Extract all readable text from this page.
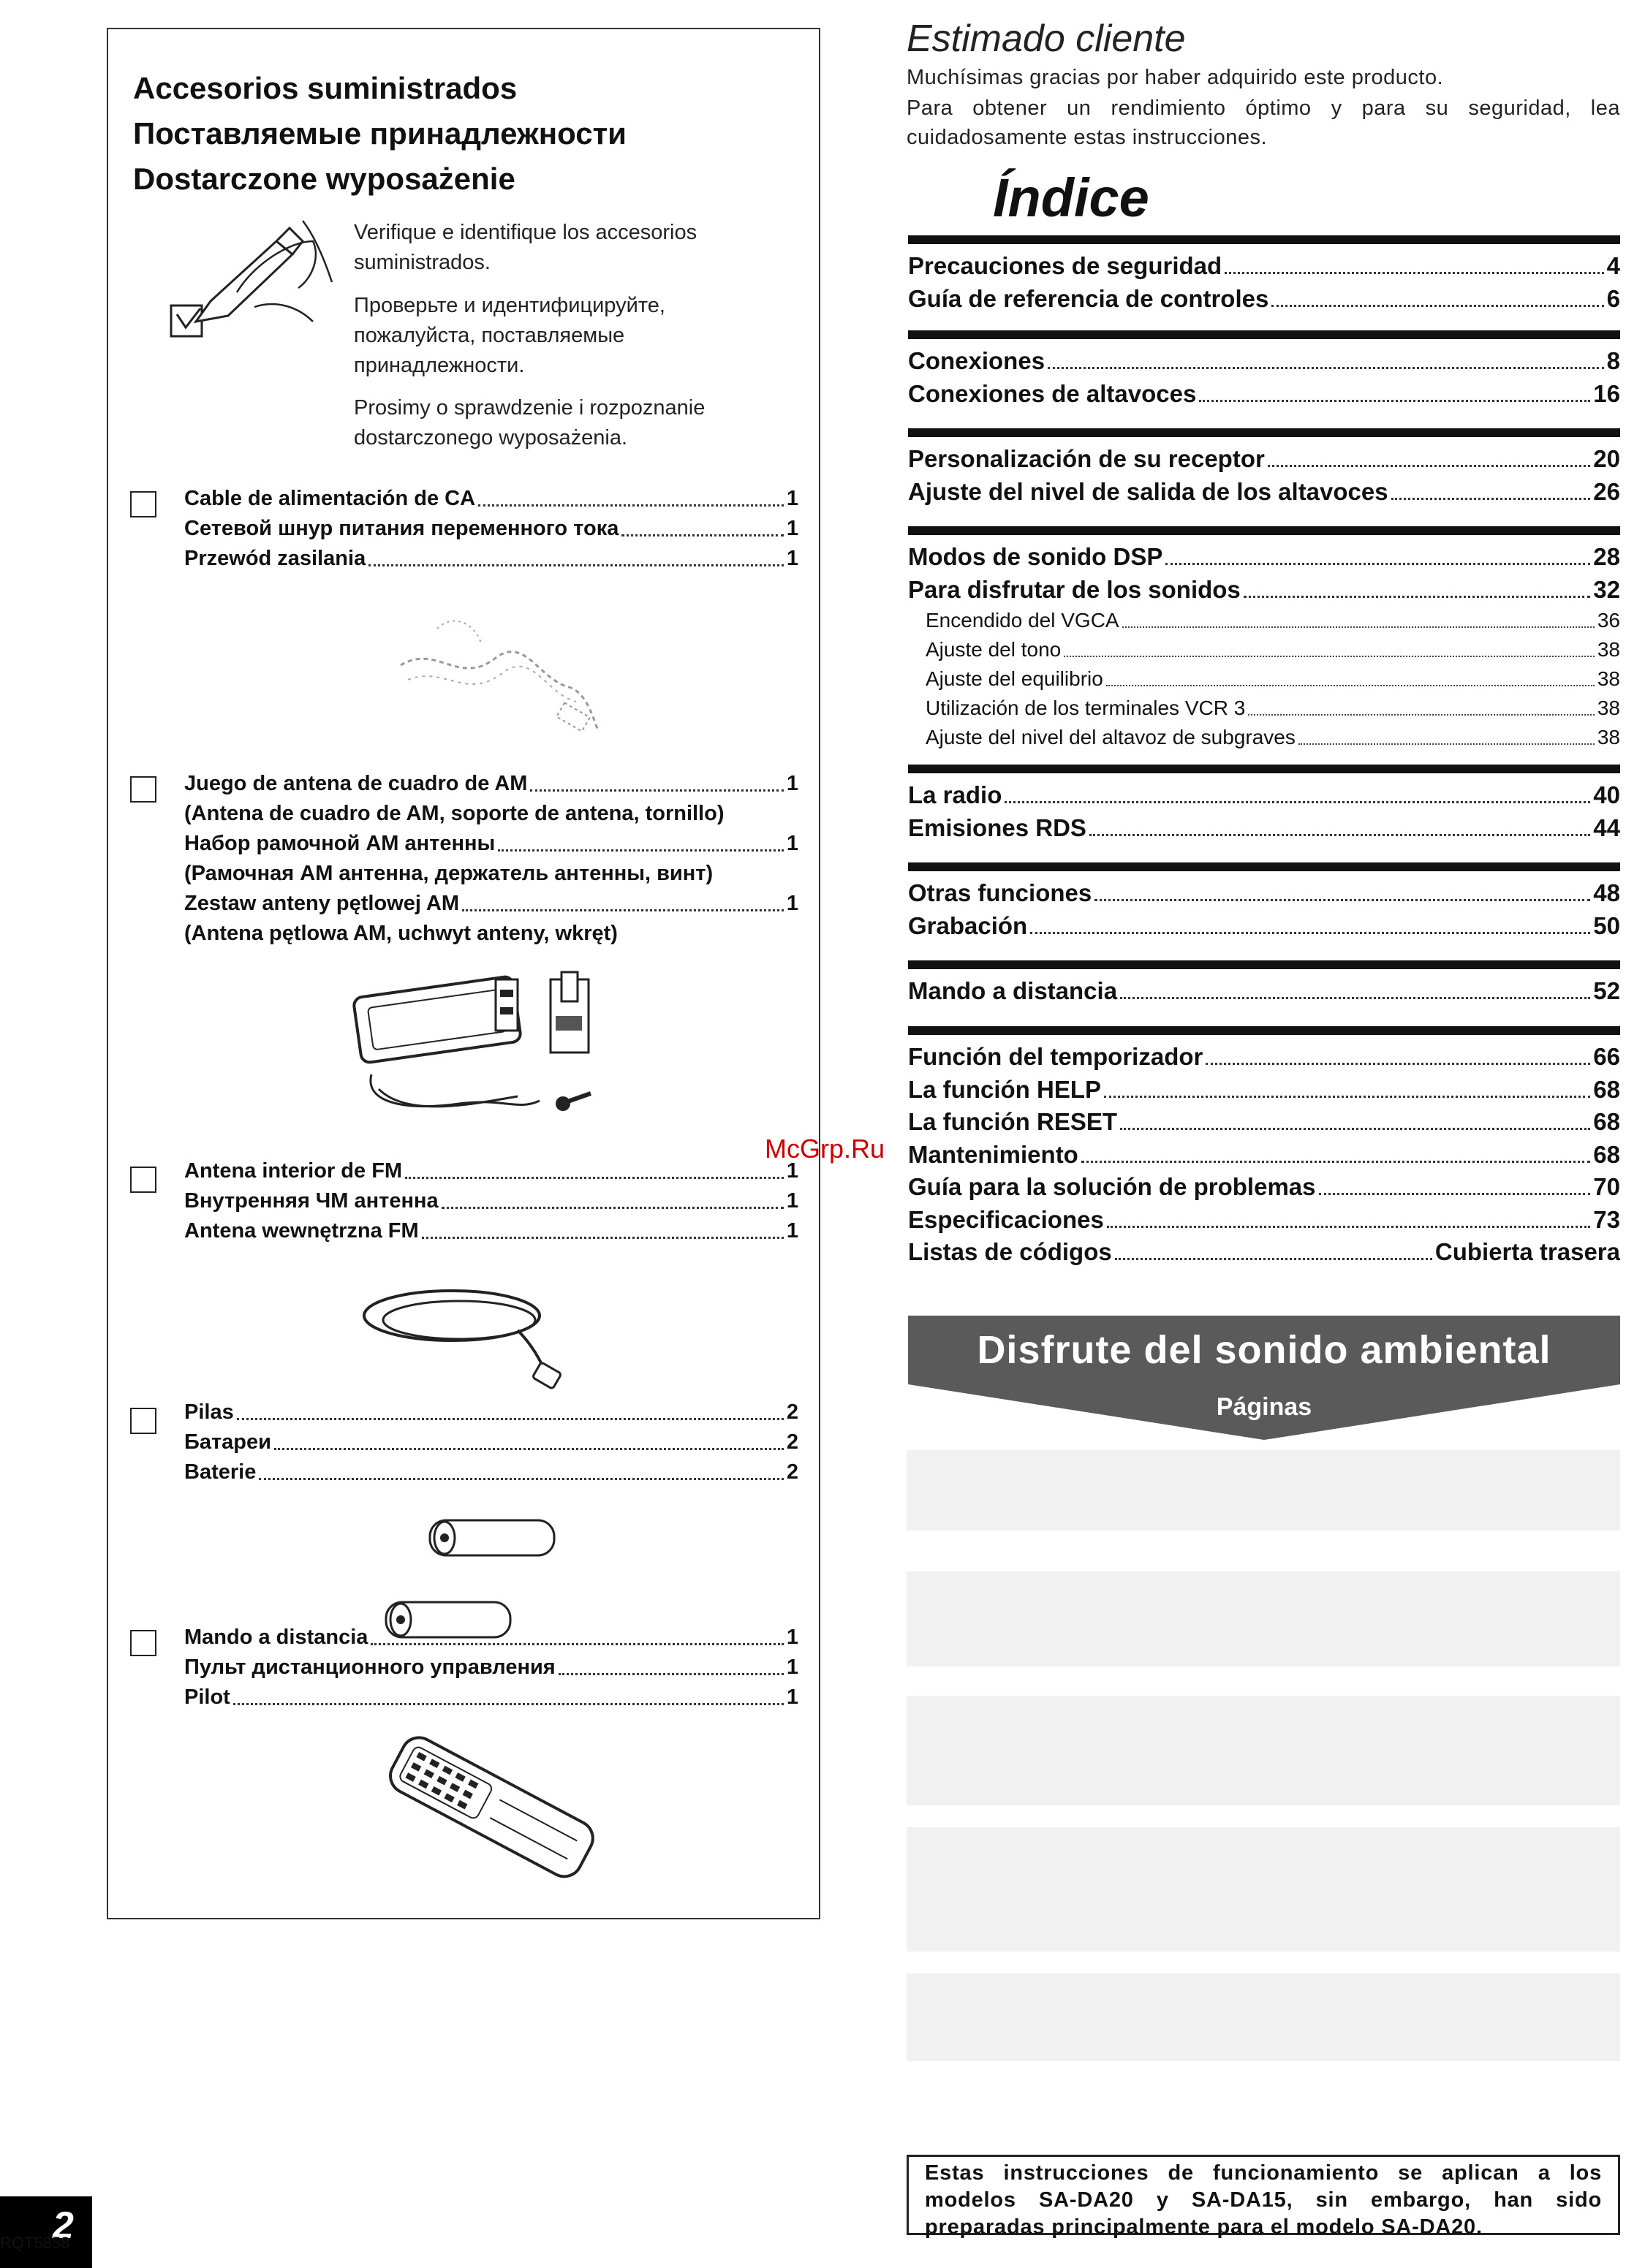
Accesorios suministrados
Поставляемые принадлежности
Dostarczone wyposażenie
Verifique e identifique los accesorios suministrados.
Проверьте и идентифицируйте, пожалуйста, поставляемые принадлежности.
Prosimy o sprawdzenie i rozpoznanie dostarczonego wyposażenia.
Cable de alimentación de CA	1
Сетевой шнур питания переменного тока	1
Przewód zasilania	1
Juego de antena de cuadro de AM	1
(Antena de cuadro de AM, soporte de antena, tornillo)
Набор рамочной AM антенны	1
(Рамочная AM антенна, держатель антенны, винт)
Zestaw anteny pętlowej AM	1
(Antena pętlowa AM, uchwyt anteny, wkręt)
Antena interior de FM	1
Внутренняя ЧМ антенна	1
Antena wewnętrzna FM	1
Pilas	2
Батареи	2
Baterie	2
Mando a distancia	1
Пульт дистанционного управления	1
Pilot	1
Estimado cliente
Muchísimas gracias por haber adquirido este producto.
Para obtener un rendimiento óptimo y para su seguridad, lea cuidadosamente estas instrucciones.
Índice
Precauciones de seguridad	4
Guía de referencia de controles	6
Conexiones	8
Conexiones de altavoces	16
Personalización de su receptor	20
Ajuste del nivel de salida de los altavoces	26
Modos de sonido DSP	28
Para disfrutar de los sonidos	32
Encendido del VGCA	36
Ajuste del tono	38
Ajuste del equilibrio	38
Utilización de los terminales VCR 3	38
Ajuste del nivel del altavoz de subgraves	38
La radio	40
Emisiones RDS	44
Otras funciones	48
Grabación	50
Mando a distancia	52
Función del temporizador	66
La función HELP	68
La función RESET	68
Mantenimiento	68
Guía para la solución de problemas	70
Especificaciones	73
Listas de códigos	Cubierta trasera
Disfrute del sonido ambiental
Páginas
Estas instrucciones de funcionamiento se aplican a los modelos SA-DA20 y SA-DA15, sin embargo, han sido preparadas principalmente para el modelo SA-DA20.
2
RQT5858
McGrp.Ru
